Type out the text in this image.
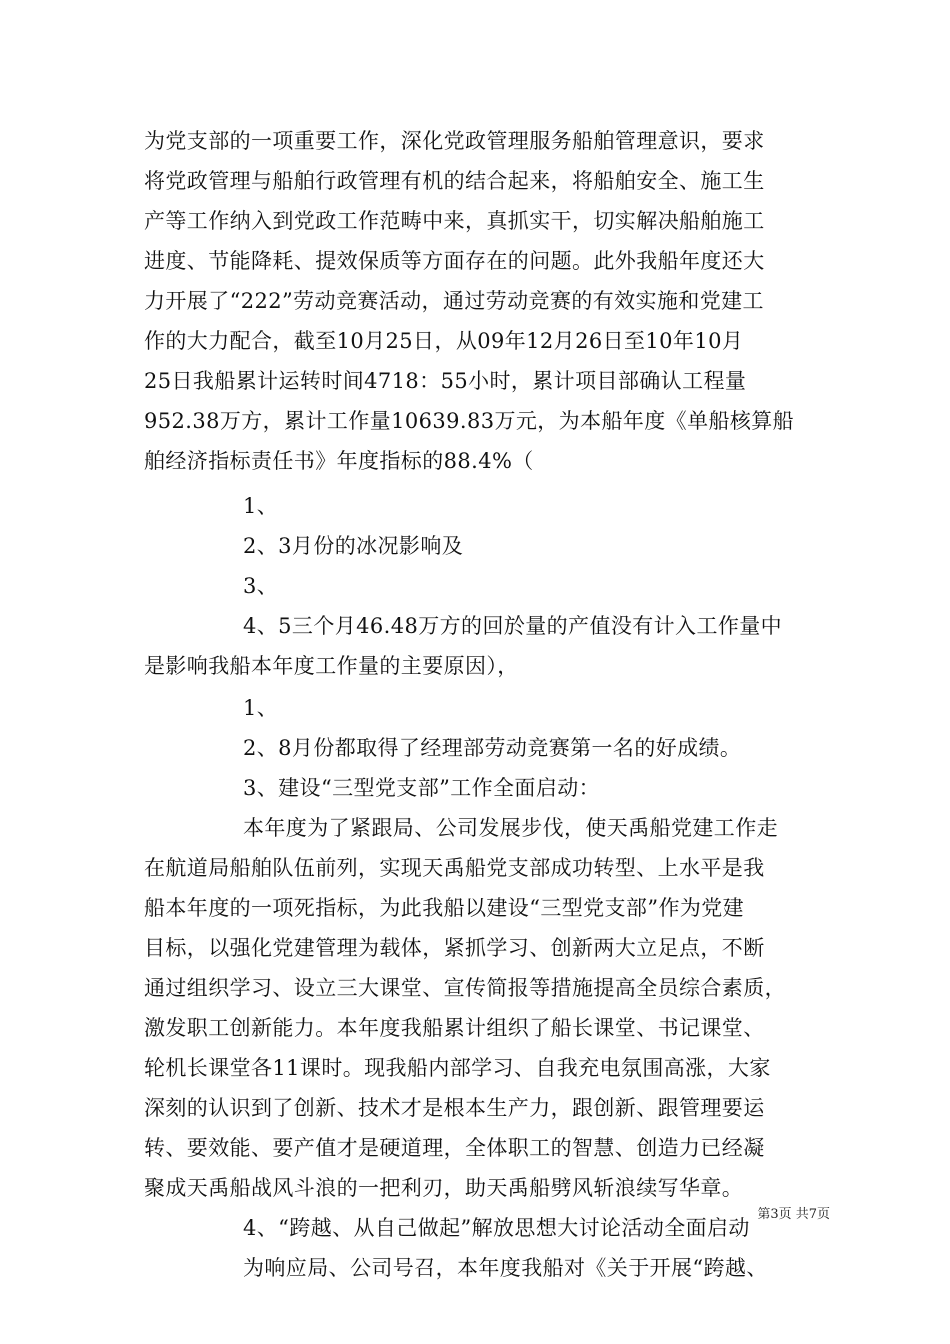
为党支部的一项重要工作，深化党政管理服务船舶管理意识，要求
将党政管理与船舶行政管理有机的结合起来，将船舶安全、施工生
产等工作纳入到党政工作范畴中来，真抓实干，切实解决船舶施工
进度、节能降耗、提效保质等方面存在的问题。此外我船年度还大
力开展了“222”劳动竞赛活动，通过劳动竞赛的有效实施和党建工
作的大力配合，截至10月25日，从09年12月26日至10年10月
25日我船累计运转时间4718：55小时，累计项目部确认工程量
952.38万方，累计工作量10639.83万元，为本船年度《单船核算船
舶经济指标责任书》年度指标的88.4%（
1、
2、3月份的冰况影响及
3、
4、5三个月46.48万方的回於量的产值没有计入工作量中
是影响我船本年度工作量的主要原因），
1、
2、8月份都取得了经理部劳动竞赛第一名的好成绩。
3、建设“三型党支部”工作全面启动：
本年度为了紧跟局、公司发展步伐，使天禹船党建工作走
在航道局船舶队伍前列，实现天禹船党支部成功转型、上水平是我
船本年度的一项死指标，为此我船以建设“三型党支部”作为党建
目标，以强化党建管理为载体，紧抓学习、创新两大立足点，不断
通过组织学习、设立三大课堂、宣传简报等措施提高全员综合素质，
激发职工创新能力。本年度我船累计组织了船长课堂、书记课堂、
轮机长课堂各11课时。现我船内部学习、自我充电氛围高涨，大家
深刻的认识到了创新、技术才是根本生产力，跟创新、跟管理要运
转、要效能、要产值才是硬道理，全体职工的智慧、创造力已经凝
聚成天禹船战风斗浪的一把利刃，助天禹船劈风斩浪续写华章。
4、“跨越、从自己做起”解放思想大讨论活动全面启动
为响应局、公司号召，本年度我船对《关于开展“跨越、
第3页 共7页
